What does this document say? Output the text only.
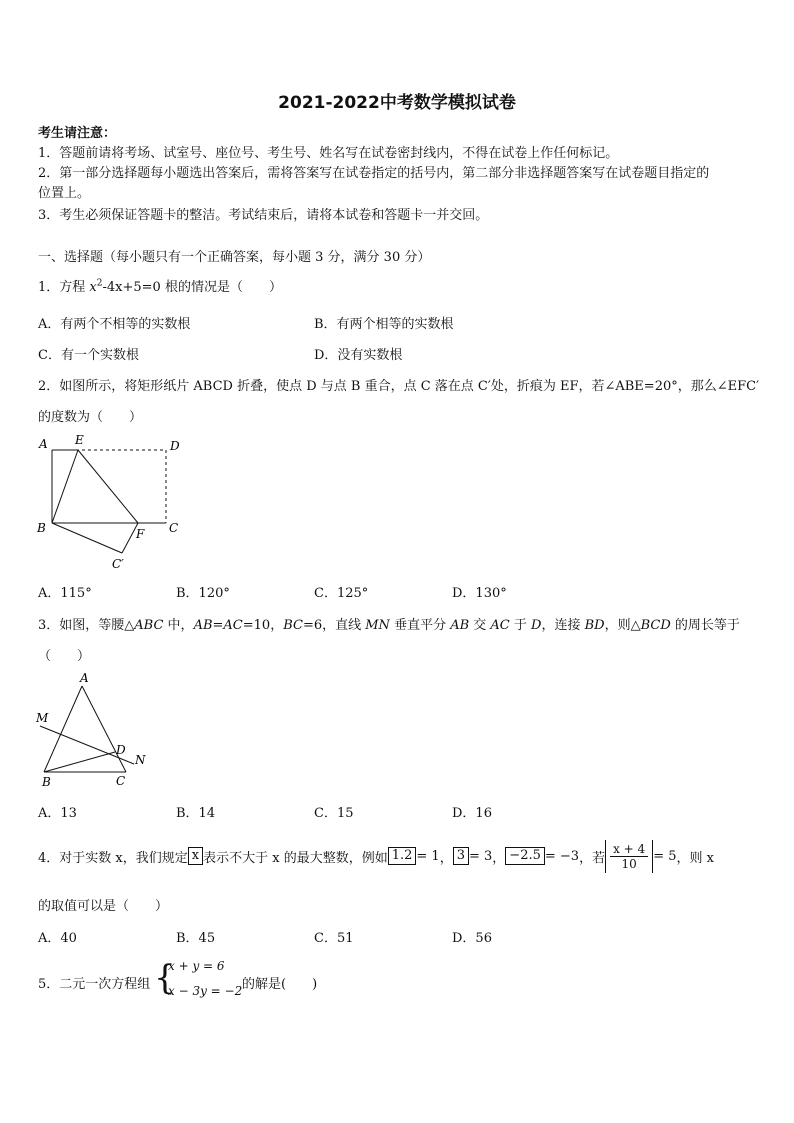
2021-2022中考数学模拟试卷
考生请注意：
1．答题前请将考场、试室号、座位号、考生号、姓名写在试卷密封线内，不得在试卷上作任何标记。
2．第一部分选择题每小题选出答案后，需将答案写在试卷指定的括号内，第二部分非选择题答案写在试卷题目指定的
位置上。
3．考生必须保证答题卡的整洁。考试结束后，请将本试卷和答题卡一并交回。
一、选择题（每小题只有一个正确答案，每小题 3 分，满分 30 分）
1．方程 $x^2-4x+5=0$ 根的情况是（　　）
A．有两个不相等的实数根	B．有两个相等的实数根
C．有一个实数根	D．没有实数根
2．如图所示，将矩形纸片 ABCD 折叠，使点 D 与点 B 重合，点 C 落在点 C′处，折痕为 EF，若∠ABE=20°，那么∠EFC′
的度数为（　　）
A E	D
B	F C
C′
A．115°	B．120°	C．125°	D．130°
3．如图，等腰△ABC 中，AB=AC=10，BC=6，直线 MN 垂直平分 AB 交 AC 于 D，连接 BD，则△BCD 的周长等于
（　　）
A
M
D
N
B	C
A．13	B．14	C．15	D．16
4．对于实数 x，我们规定 x 表示不大于 x 的最大整数，例如 1.2 = 1 ， 3 = 3 ， −2.5 = −3 ，若 $\frac{x + 4}{10} = 5$ ，则 x
的取值可以是（　　）
A．40	B．45	C．51	D．56
5．二元一次方程组 {
x + y = 6
x − 3y = −2 的解是(　　)
